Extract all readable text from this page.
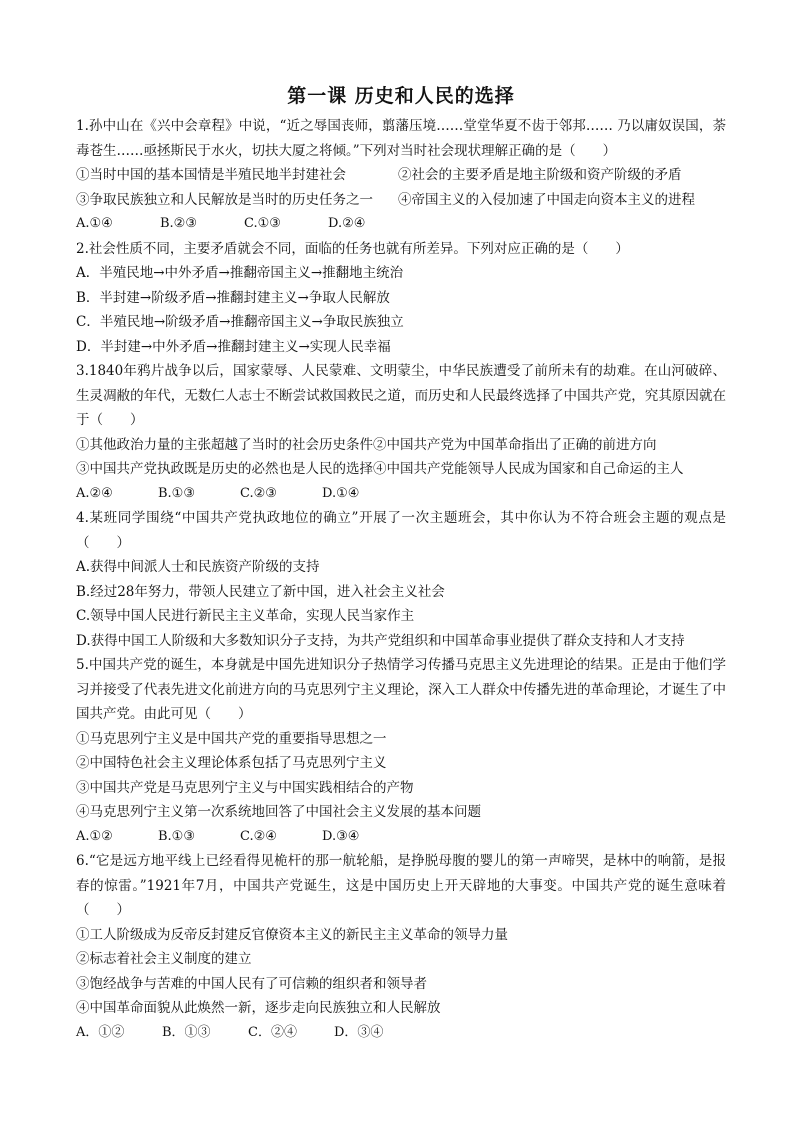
第一课 历史和人民的选择
1.孙中山在《兴中会章程》中说，“近之辱国丧师，翦藩压境……堂堂华夏不齿于邻邦…… 乃以庸奴误国，荼毒苍生……亟拯斯民于水火，切扶大厦之将倾。”下列对当时社会现状理解正确的是（　　）
①当时中国的基本国情是半殖民地半封建社会	②社会的主要矛盾是地主阶级和资产阶级的矛盾
③争取民族独立和人民解放是当时的历史任务之一	④帝国主义的入侵加速了中国走向资本主义的进程
A.①④	B.②③	C.①③	D.②④
2.社会性质不同，主要矛盾就会不同，面临的任务也就有所差异。下列对应正确的是（　　）
A．半殖民地→中外矛盾→推翻帝国主义→推翻地主统治
B．半封建→阶级矛盾→推翻封建主义→争取人民解放
C．半殖民地→阶级矛盾→推翻帝国主义→争取民族独立
D．半封建→中外矛盾→推翻封建主义→实现人民幸福
3.1840年鸦片战争以后，国家蒙辱、人民蒙难、文明蒙尘，中华民族遭受了前所未有的劫难。在山河破碎、生灵凋敝的年代，无数仁人志士不断尝试救国救民之道，而历史和人民最终选择了中国共产党，究其原因就在于（　　）
①其他政治力量的主张超越了当时的社会历史条件②中国共产党为中国革命指出了正确的前进方向
③中国共产党执政既是历史的必然也是人民的选择④中国共产党能领导人民成为国家和自己命运的主人
A.②④	B.①③	C.②③	D.①④
4.某班同学围绕“中国共产党执政地位的确立”开展了一次主题班会，其中你认为不符合班会主题的观点是（　　）
A.获得中间派人士和民族资产阶级的支持
B.经过28年努力，带领人民建立了新中国，进入社会主义社会
C.领导中国人民进行新民主主义革命，实现人民当家作主
D.获得中国工人阶级和大多数知识分子支持，为共产党组织和中国革命事业提供了群众支持和人才支持
5.中国共产党的诞生，本身就是中国先进知识分子热情学习传播马克思主义先进理论的结果。正是由于他们学习并接受了代表先进文化前进方向的马克思列宁主义理论，深入工人群众中传播先进的革命理论，才诞生了中国共产党。由此可见（　　）
①马克思列宁主义是中国共产党的重要指导思想之一
②中国特色社会主义理论体系包括了马克思列宁主义
③中国共产党是马克思列宁主义与中国实践相结合的产物
④马克思列宁主义第一次系统地回答了中国社会主义发展的基本问题
A.①②	B.①③	C.②④	D.③④
6.“它是远方地平线上已经看得见桅杆的那一航轮船，是挣脱母腹的婴儿的第一声啼哭，是林中的响箭，是报春的惊雷。”1921年7月，中国共产党诞生，这是中国历史上开天辟地的大事变。中国共产党的诞生意味着（　　）
①工人阶级成为反帝反封建反官僚资本主义的新民主主义革命的领导力量
②标志着社会主义制度的建立
③饱经战争与苦难的中国人民有了可信赖的组织者和领导者
④中国革命面貌从此焕然一新，逐步走向民族独立和人民解放
A．①②	B．①③	C．②④	D．③④
